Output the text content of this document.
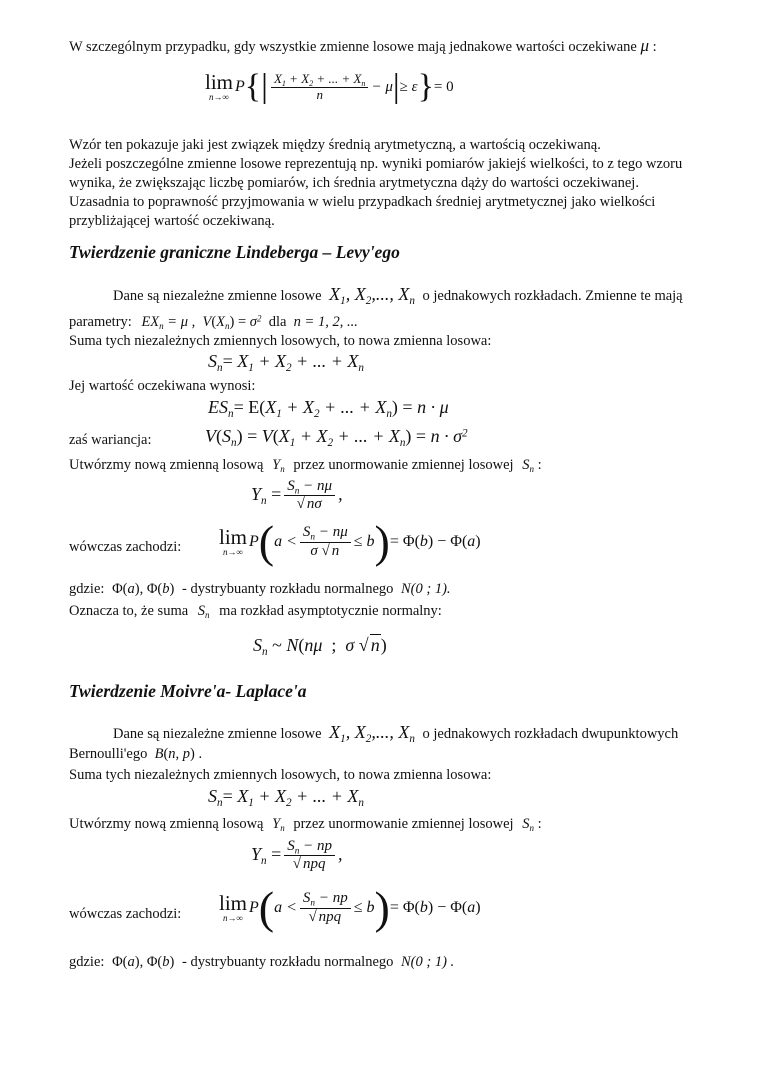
W szczególnym przypadku, gdy wszystkie zmienne losowe mają jednakowe wartości oczekiwane μ :

lim
n→∞
$P\{| \frac{X_1 + X_2 + ... + X_n}{n} - \mu|\ge \varepsilon\}= 0$
Wzór ten pokazuje jaki jest związek między średnią arytmetyczną, a wartością oczekiwaną.
Jeżeli poszczególne zmienne losowe reprezentują np. wyniki pomiarów jakiejś wielkości, to z tego wzoru
wynika, że zwiększając liczbę pomiarów, ich średnia arytmetyczna dąży do wartości oczekiwanej.
Uzasadnia to poprawność przyjmowania w wielu przypadkach średniej arytmetycznej jako wielkości
przybliżającej wartość oczekiwaną.
Twierdzenie graniczne Lindeberga – Levy'ego

Dane są niezależne zmienne losowe $X_1$, $X_2$,..., $X_n$ o jednakowych rozkładach. Zmienne te mają

parametry: $EX_n = \mu$ ,  $V(X_n) = \sigma^2$ dla n = 1, 2, ...

Suma tych niezależnych zmiennych losowych, to nowa zmienna losowa:

$S_n= X_1 + X_2$ + ... + $X_n$

Jej wartość oczekiwana wynosi:

$ES_n= E(X_1 + X_2$ + ... + $X_n) = n \cdot \mu$

zaś wariancja:	$V(S_n) = V(X_1 + X_2$ + ... + $X_n) = n \cdot \sigma^2$

Utwórzmy nową zmienną losową $Y_n$ przez unormowanie zmiennej losowej $S_n$ :

$Y_n = \frac{S_n - n\mu}{√ n\sigma}$ ,

wówczas zachodzi: lim
n→∞
$P(a < \frac{S_n - n\mu}{\sigma √ n} \le b)= \Phi(b) - \Phi(a)$

gdzie: Φ(a), Φ(b) - dystrybuanty rozkładu normalnego N(0 ; 1).

Oznacza to, że suma $S_n$ ma rozkład asymptotycznie normalny:

$S_n$ ~ N(nμ  ;  σ √ n)
Twierdzenie Moivre'a- Laplace'a

Dane są niezależne zmienne losowe $X_1$, $X_2$,..., $X_n$ o jednakowych rozkładach dwupunktowych

Bernoulli'ego B(n, p) .

Suma tych niezależnych zmiennych losowych, to nowa zmienna losowa:

$S_n= X_1 + X_2$ + ... + $X_n$

Utwórzmy nową zmienną losową $Y_n$ przez unormowanie zmiennej losowej $S_n$ :

$Y_n = \frac{S_n - np}{\text{√ npq}}$ ,

wówczas zachodzi: lim
n→∞
$P(a < \frac{S_n - np}{\text{√ npq}} \le b)= \Phi(b) - \Phi(a)$

gdzie: Φ(a), Φ(b) - dystrybuanty rozkładu normalnego N(0 ; 1) .
